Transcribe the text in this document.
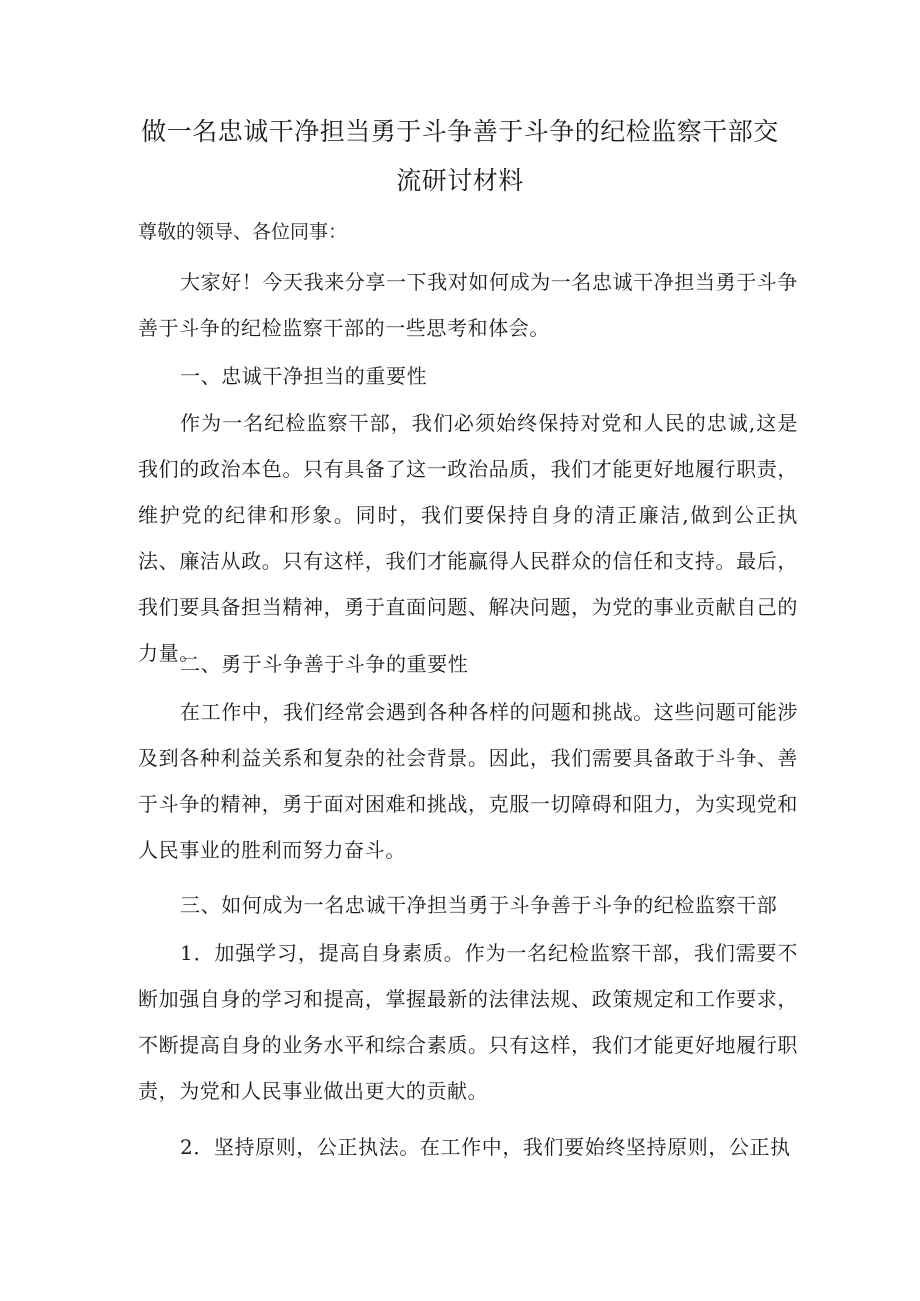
做一名忠诚干净担当勇于斗争善于斗争的纪检监察干部交
流研讨材料

尊敬的领导、各位同事：

大家好！今天我来分享一下我对如何成为一名忠诚干净担当勇于斗争善于斗争的纪检监察干部的一些思考和体会。

一、忠诚干净担当的重要性

作为一名纪检监察干部，我们必须始终保持对党和人民的忠诚,这是我们的政治本色。只有具备了这一政治品质，我们才能更好地履行职责，维护党的纪律和形象。同时，我们要保持自身的清正廉洁,做到公正执法、廉洁从政。只有这样，我们才能赢得人民群众的信任和支持。最后，我们要具备担当精神，勇于直面问题、解决问题，为党的事业贡献自己的力量。

二、勇于斗争善于斗争的重要性

在工作中，我们经常会遇到各种各样的问题和挑战。这些问题可能涉及到各种利益关系和复杂的社会背景。因此，我们需要具备敢于斗争、善于斗争的精神，勇于面对困难和挑战，克服一切障碍和阻力，为实现党和人民事业的胜利而努力奋斗。

三、如何成为一名忠诚干净担当勇于斗争善于斗争的纪检监察干部

1．加强学习，提高自身素质。作为一名纪检监察干部，我们需要不断加强自身的学习和提高，掌握最新的法律法规、政策规定和工作要求，不断提高自身的业务水平和综合素质。只有这样，我们才能更好地履行职责，为党和人民事业做出更大的贡献。

2．坚持原则，公正执法。在工作中，我们要始终坚持原则，公正执
